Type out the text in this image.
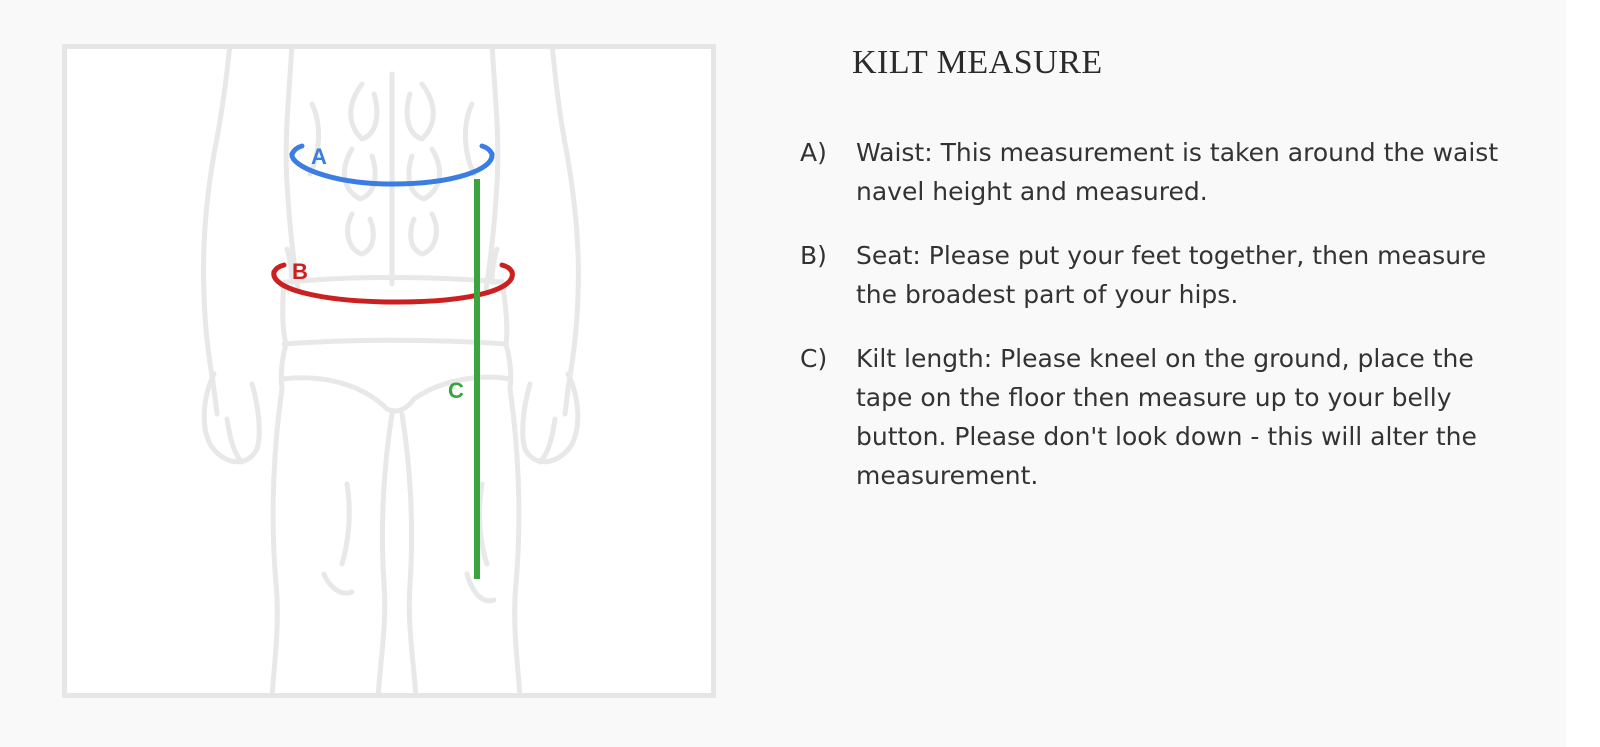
A
B
C
KILT MEASURE
A)	Waist: This measurement is taken around the waist navel height and measured.
B)	Seat: Please put your feet together, then measure the broadest part of your hips.
C)	Kilt length: Please kneel on the ground, place the tape on the floor then measure up to your belly button. Please don't look down - this will alter the measurement.
